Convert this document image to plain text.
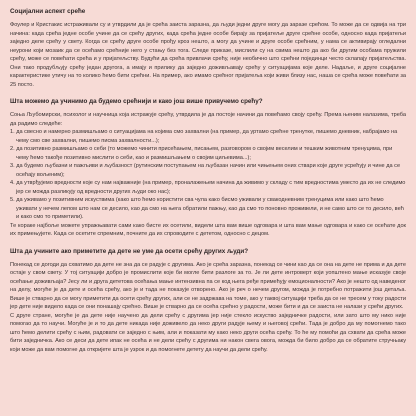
Социјални аспект среће

Фоулер и Кристакис истраживали су и утврдили да је срећа заиста заразна, да људи једни друге могу да заразе срећом. То може да се одвија на три начина: када срећа једне особе учине да се срећу других, када срећа једне особе бирају за пријатеље друге срећне особе, односно када пријатељи заједно деле срећу у свету. Когда се срећу друге особе прођу кроз нешто, а могу да учине и друге особе срећним, у нама се активирају огледални неурони који мозаик да се осећамо срећније него у стању без тога. Следе приказе, мислили су на свима нешто да ако би другим особама пружили срећу, може се повећати срећа и у пријатељству. Будући да срећа привлачи срећу, није необично што срећни појединци често склапају пријатељства. Они тако продубљују срећу један другога, а имају и прилику да заједно доживљавају срећу у ситуацијама које деле. Надаље, и друге социјалне карактеристике утичу на то колико ћемо бити срећни. На пример, ако имамо срећног пријатеља који живи близу нас, наша се срећа може повећати за 25 посто.

Шта можемо да учинимо да будемо срећнији и како још више привучемо срећу?

Соња Љубомирски, психолог и научница која истражује срећу, утврдила је да постоје начини да повећамо своју срећу. Према њеним налазима, треба да радимо следеће:

1. да свесно и намерно размишљамо о ситуацијама на којима смо захвални (на пример, да уртамо срећне тренутке, пишемо дневник, набрајамо на чему смо све захвални, пишемо писма захвалности...);
2. да позитивно размишљамо о себи (то можемо чинити присећањем, писањем, разговором о својим веселим и тешким животним тренуцима, при чему ћемо такође позитивно мислити о себи, као и размишљањем о својим циљевима...);
3. да будемо љубазни и пажљиви и љубазност (рутинским поступањем на љубазан начин или чињењем оних ствари које друге усрећују и чине да се осећају вољеним);
4. да утврђујемо вредности које су нам најважније (на пример, проналажењем начина да живимо у складу с тим вредностима уместо да их не следимо јер се можда разликују од вредности других људи око нас);
5. да уживамо у позитивним искуствима (како што ћемо користити сва чула како бисмо уживали у свакодневним тренуцима или како што ћемо уживати у нечем лепом што нам се десило, као да смо на њега обратили пажњу, као да смо то поновно проживели, и не само што се то десило, већ и како смо то приметили).

Те кораке најбоље можете упражњавати сами како бисте их осетили, видели шта вам више одговара и шта вам мање одговара и како се осећате док их примењујете. Када се осетите спремним, почните да их спроводите с дететом, односно с децом.

Шта да учините ако приметите да дете не уме да осети срећу других људи?

Понекад се догоди да схватимо да дете не зна да се радује с другима. Ако је срећа заразна, понекад се чини као да се она на дете не прима и да дете остаје у свом свету. У тој ситуацији добро је промислити које би могле бити разлоге за то. Је ли дете интроверт који уопштено мање исказује своје осећање доживљаја? Јесу ли и друга дететова осећања мање интензивна па се код њега ређе примећују емоционалности? Ако је нешто од наведеног на делу, могуће је да дете и осећа срећу, ако је и тада не показује отворено. Ако је реч о нечем другом, можда је потребно потражити још детаља. Више је стварно да се могу приметити да осети срећу других, али се не задржава на томе, ако у таквој ситуацији треба да се не тресем у току радости јер дете није видело када се они понашају срећно. Више је стварно да се осећа срећно у радости, може бити и да се заиста не налази у срећи других.

С друге стране, могуће је да дете није научено да дели срећу с другима јер није стекло искуство заједничке радости, или зато што му нико није помогао да то научи. Могуће је и то да дете никада није доживело да неко други радује њему и његовој срећи. Тада је добро да му помогнемо тако што ћемо делити срећу с њим, радовати се заједно с њим, али и показати му како неко други осећа срећу. То ће му помоћи да схвати да срећа може бити заједничка. Ако се деси да дете ипак не осећа и не дели срећу с другима ни након свега овога, можда би било добро да се обратите стручњаку који може да вам помогне да откријете шта је узрок и да помогнете детету да научи да дели срећу.
